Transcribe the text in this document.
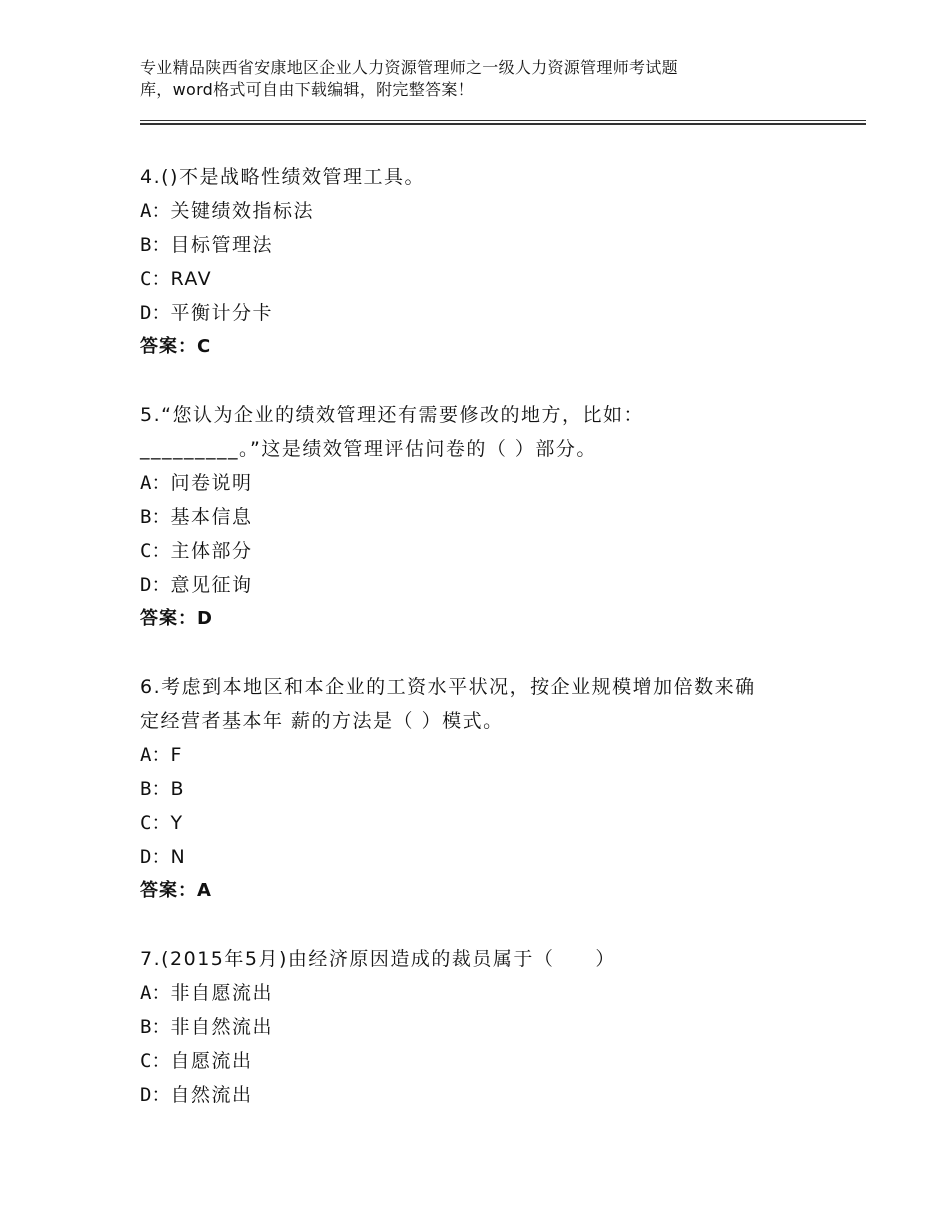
专业精品陕西省安康地区企业人力资源管理师之一级人力资源管理师考试题
库，word格式可自由下载编辑，附完整答案！
4.()不是战略性绩效管理工具。
A：关键绩效指标法
B：目标管理法
C：RAV
D：平衡计分卡
答案：C
5.“您认为企业的绩效管理还有需要修改的地方，比如：
_________。”这是绩效管理评估问卷的（ ）部分。
A：问卷说明
B：基本信息
C：主体部分
D：意见征询
答案：D
6.考虑到本地区和本企业的工资水平状况，按企业规模增加倍数来确
定经营者基本年 薪的方法是（ ）模式。
A：F
B：B
C：Y
D：N
答案：A
7.(2015年5月)由经济原因造成的裁员属于（　　）
A：非自愿流出
B：非自然流出
C：自愿流出
D：自然流出
